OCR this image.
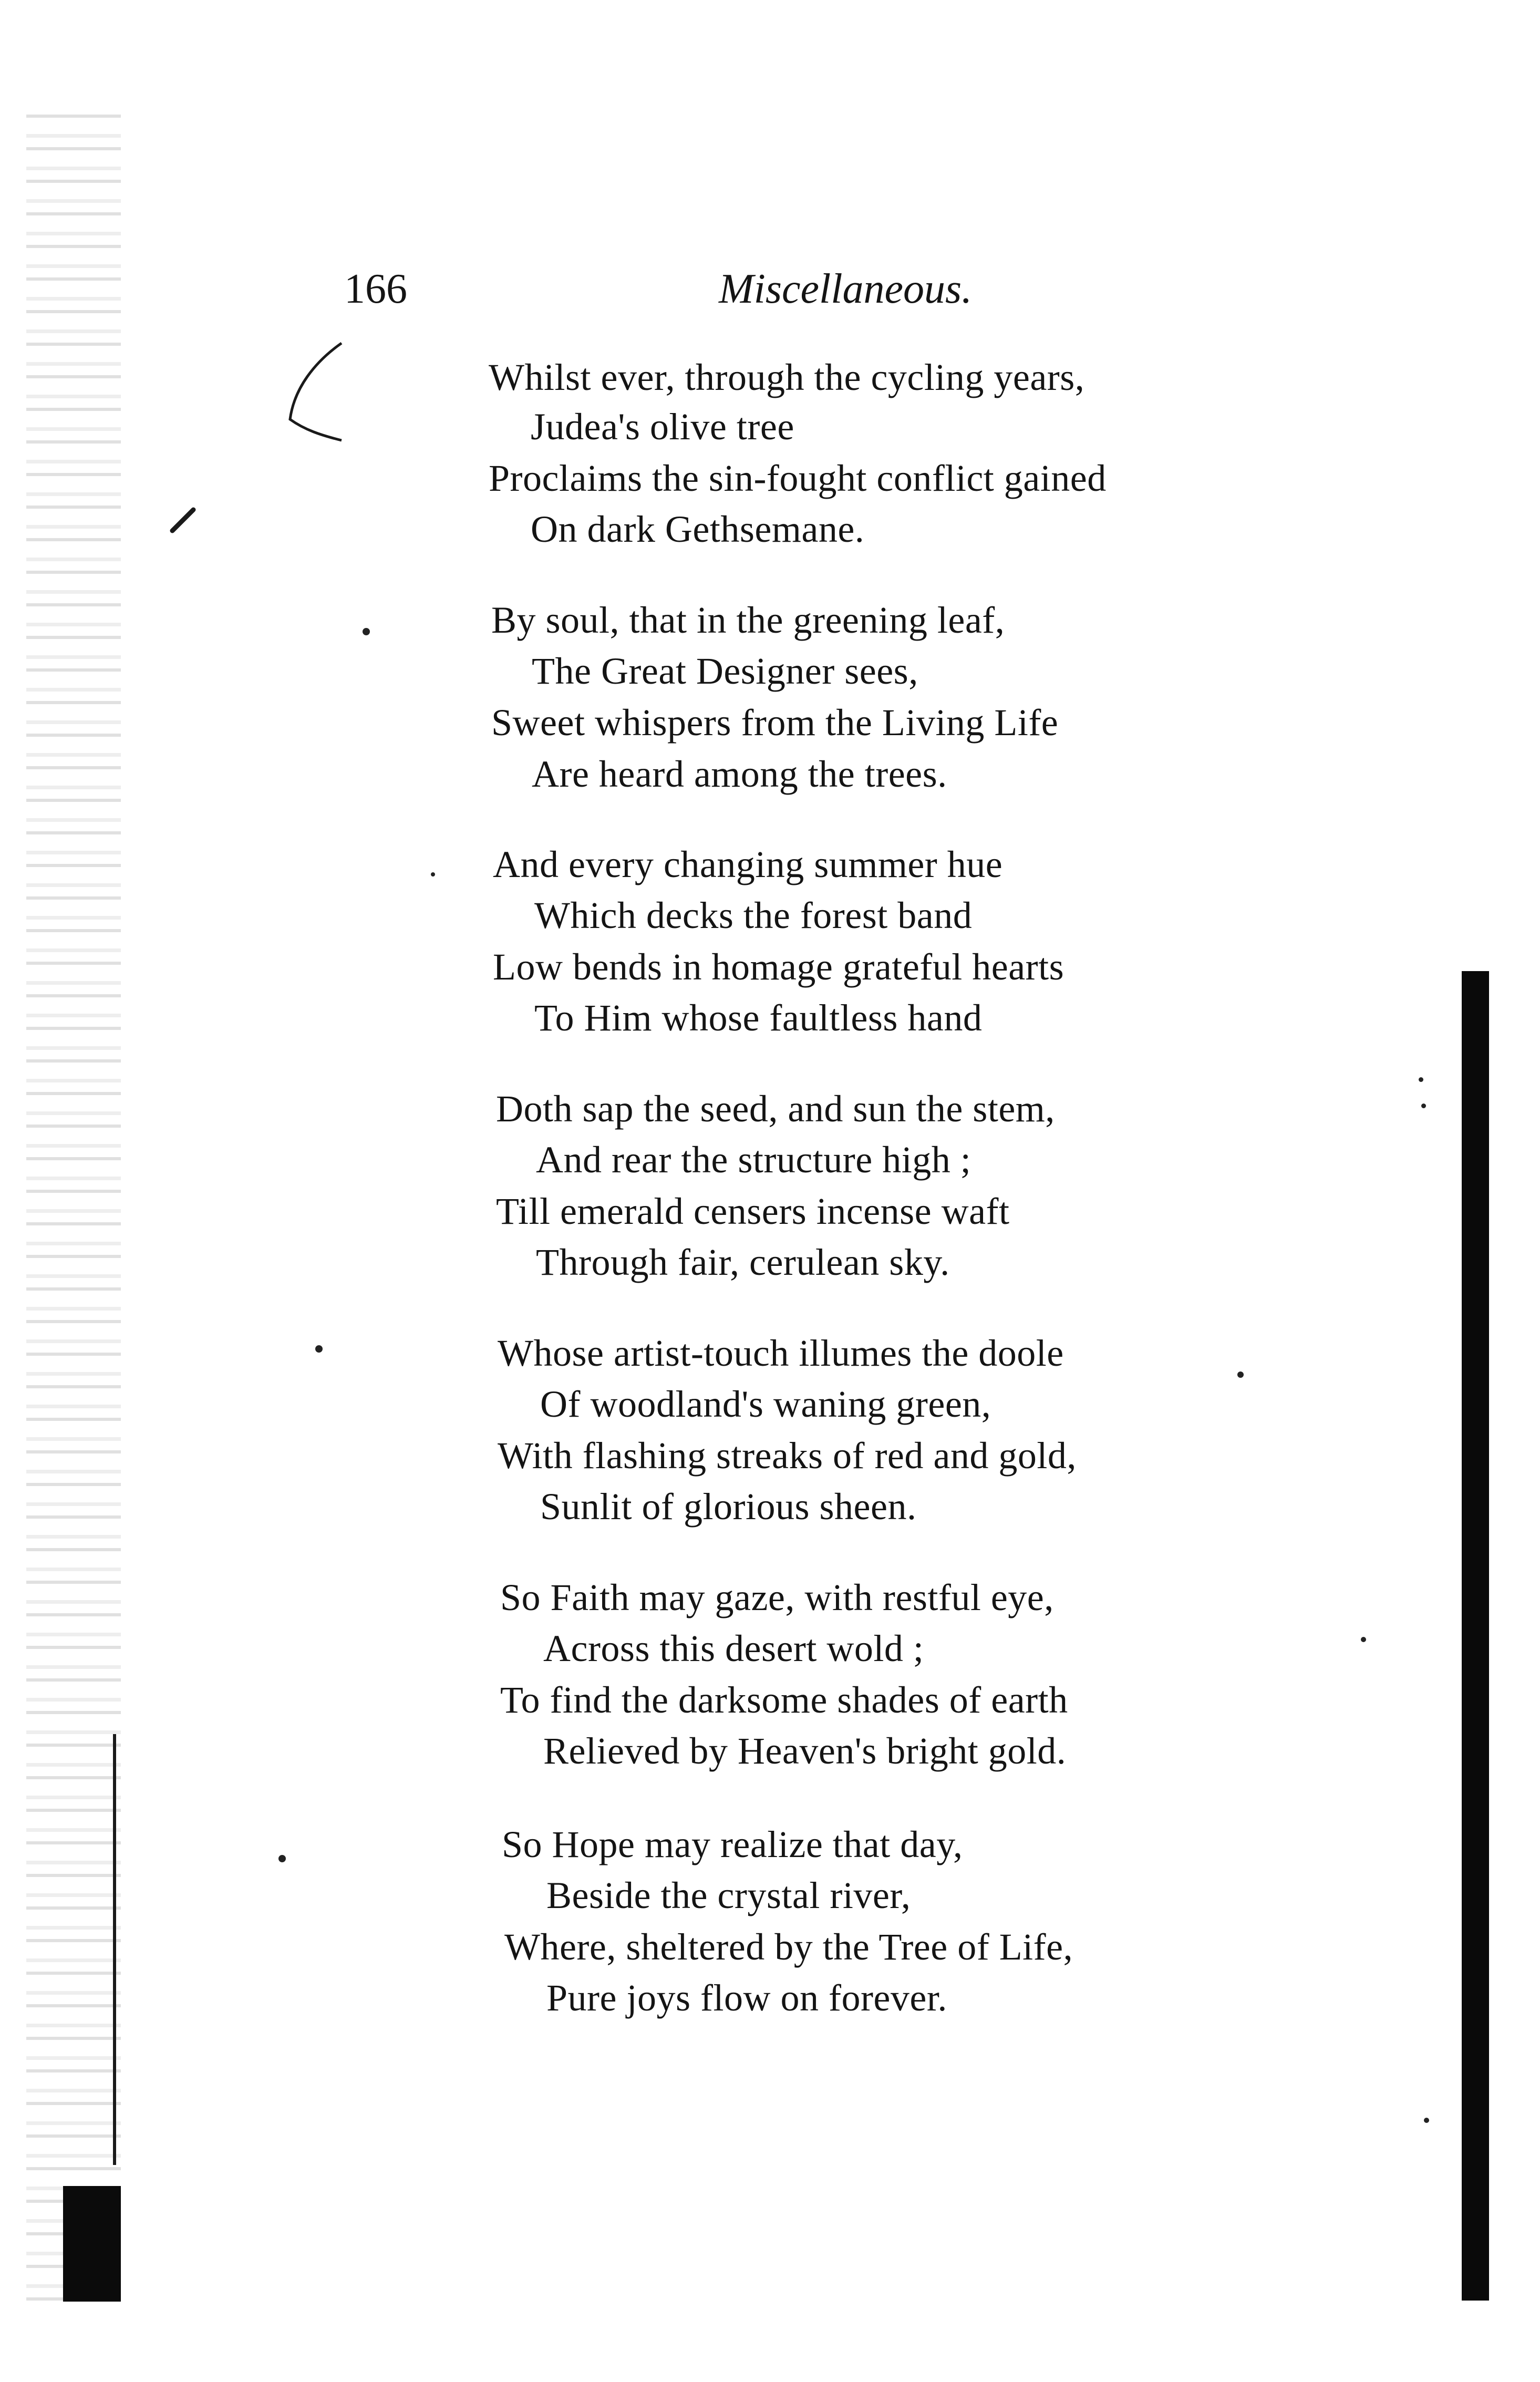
166	Miscellaneous.
Whilst ever, through the cycling years,
Judea's olive tree
Proclaims the sin-fought conflict gained
On dark Gethsemane.
By soul, that in the greening leaf,
The Great Designer sees,
Sweet whispers from the Living Life
Are heard among the trees.
And every changing summer hue
Which decks the forest band
Low bends in homage grateful hearts
To Him whose faultless hand
Doth sap the seed, and sun the stem,
And rear the structure high ;
Till emerald censers incense waft
Through fair, cerulean sky.
Whose artist-touch illumes the doole
Of woodland's waning green,
With flashing streaks of red and gold,
Sunlit of glorious sheen.
So Faith may gaze, with restful eye,
Across this desert wold ;
To find the darksome shades of earth
Relieved by Heaven's bright gold.
So Hope may realize that day,
Beside the crystal river,
Where, sheltered by the Tree of Life,
Pure joys flow on forever.
